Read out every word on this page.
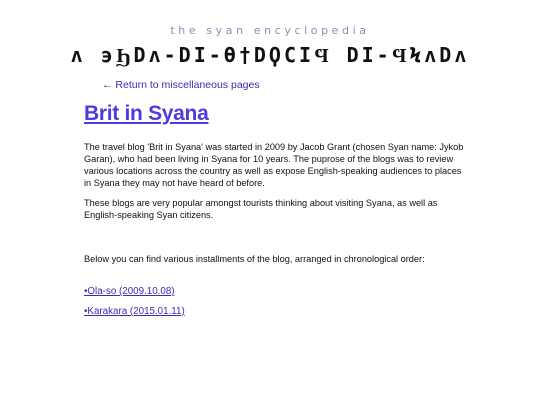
the syan encyclopedia
ʌ ϶ϦDʌ-DI-Ɵ†DϘϹIϤ DI-ϤϞʌDʌ
← Return to miscellaneous pages
Brit in Syana

The travel blog 'Brit in Syana' was started in 2009 by Jacob Grant (chosen Syan name: Jykob Garan), who had been living in Syana for 10 years. The puprose of the blogs was to review various locations across the country as well as expose English-speaking audiences to places in Syana they may not have heard of before.

These blogs are very popular amongst tourists thinking about visiting Syana, as well as English-speaking Syan citizens.

Below you can find various installments of the blog, arranged in chronological order:

•Ola-so (2009.10.08)
•Karakara (2015.01.11)
